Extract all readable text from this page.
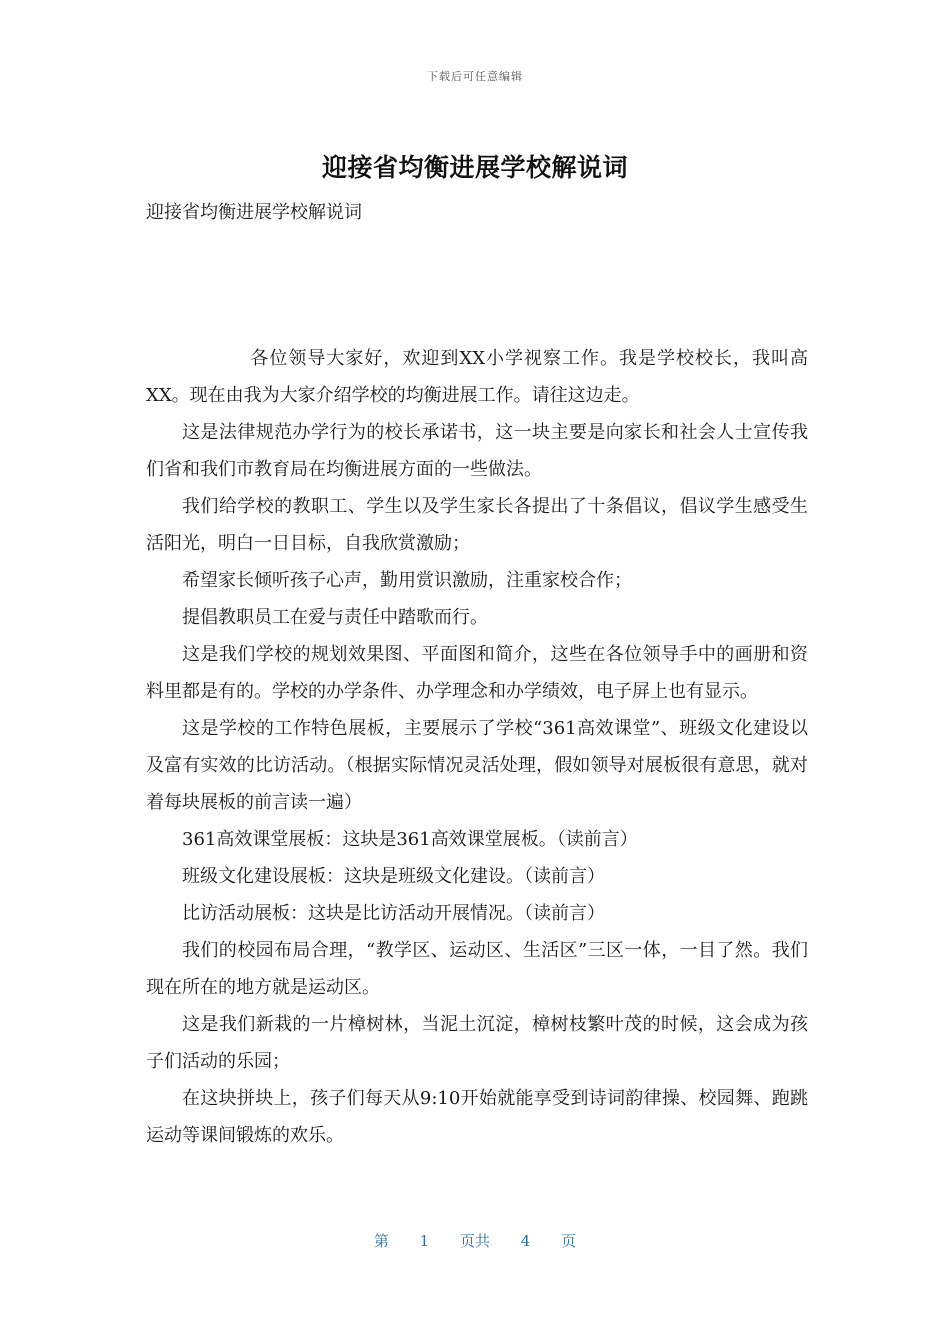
下载后可任意编辑
迎接省均衡进展学校解说词
迎接省均衡进展学校解说词

各位领导大家好，欢迎到XX小学视察工作。我是学校校长，我叫高XX。现在由我为大家介绍学校的均衡进展工作。请往这边走。

这是法律规范办学行为的校长承诺书，这一块主要是向家长和社会人士宣传我们省和我们市教育局在均衡进展方面的一些做法。

我们给学校的教职工、学生以及学生家长各提出了十条倡议，倡议学生感受生活阳光，明白一日目标，自我欣赏激励；

希望家长倾听孩子心声，勤用赏识激励，注重家校合作；

提倡教职员工在爱与责任中踏歌而行。

这是我们学校的规划效果图、平面图和简介，这些在各位领导手中的画册和资料里都是有的。学校的办学条件、办学理念和办学绩效，电子屏上也有显示。

这是学校的工作特色展板，主要展示了学校“361高效课堂”、班级文化建设以及富有实效的比访活动。（根据实际情况灵活处理，假如领导对展板很有意思，就对着每块展板的前言读一遍）

361高效课堂展板：这块是361高效课堂展板。（读前言）

班级文化建设展板：这块是班级文化建设。（读前言）

比访活动展板：这块是比访活动开展情况。（读前言）

我们的校园布局合理，“教学区、运动区、生活区”三区一体，一目了然。我们现在所在的地方就是运动区。

这是我们新栽的一片樟树林，当泥土沉淀，樟树枝繁叶茂的时候，这会成为孩子们活动的乐园；

在这块拼块上，孩子们每天从9:10开始就能享受到诗词韵律操、校园舞、跑跳运动等课间锻炼的欢乐。

第 1 页共 4 页
